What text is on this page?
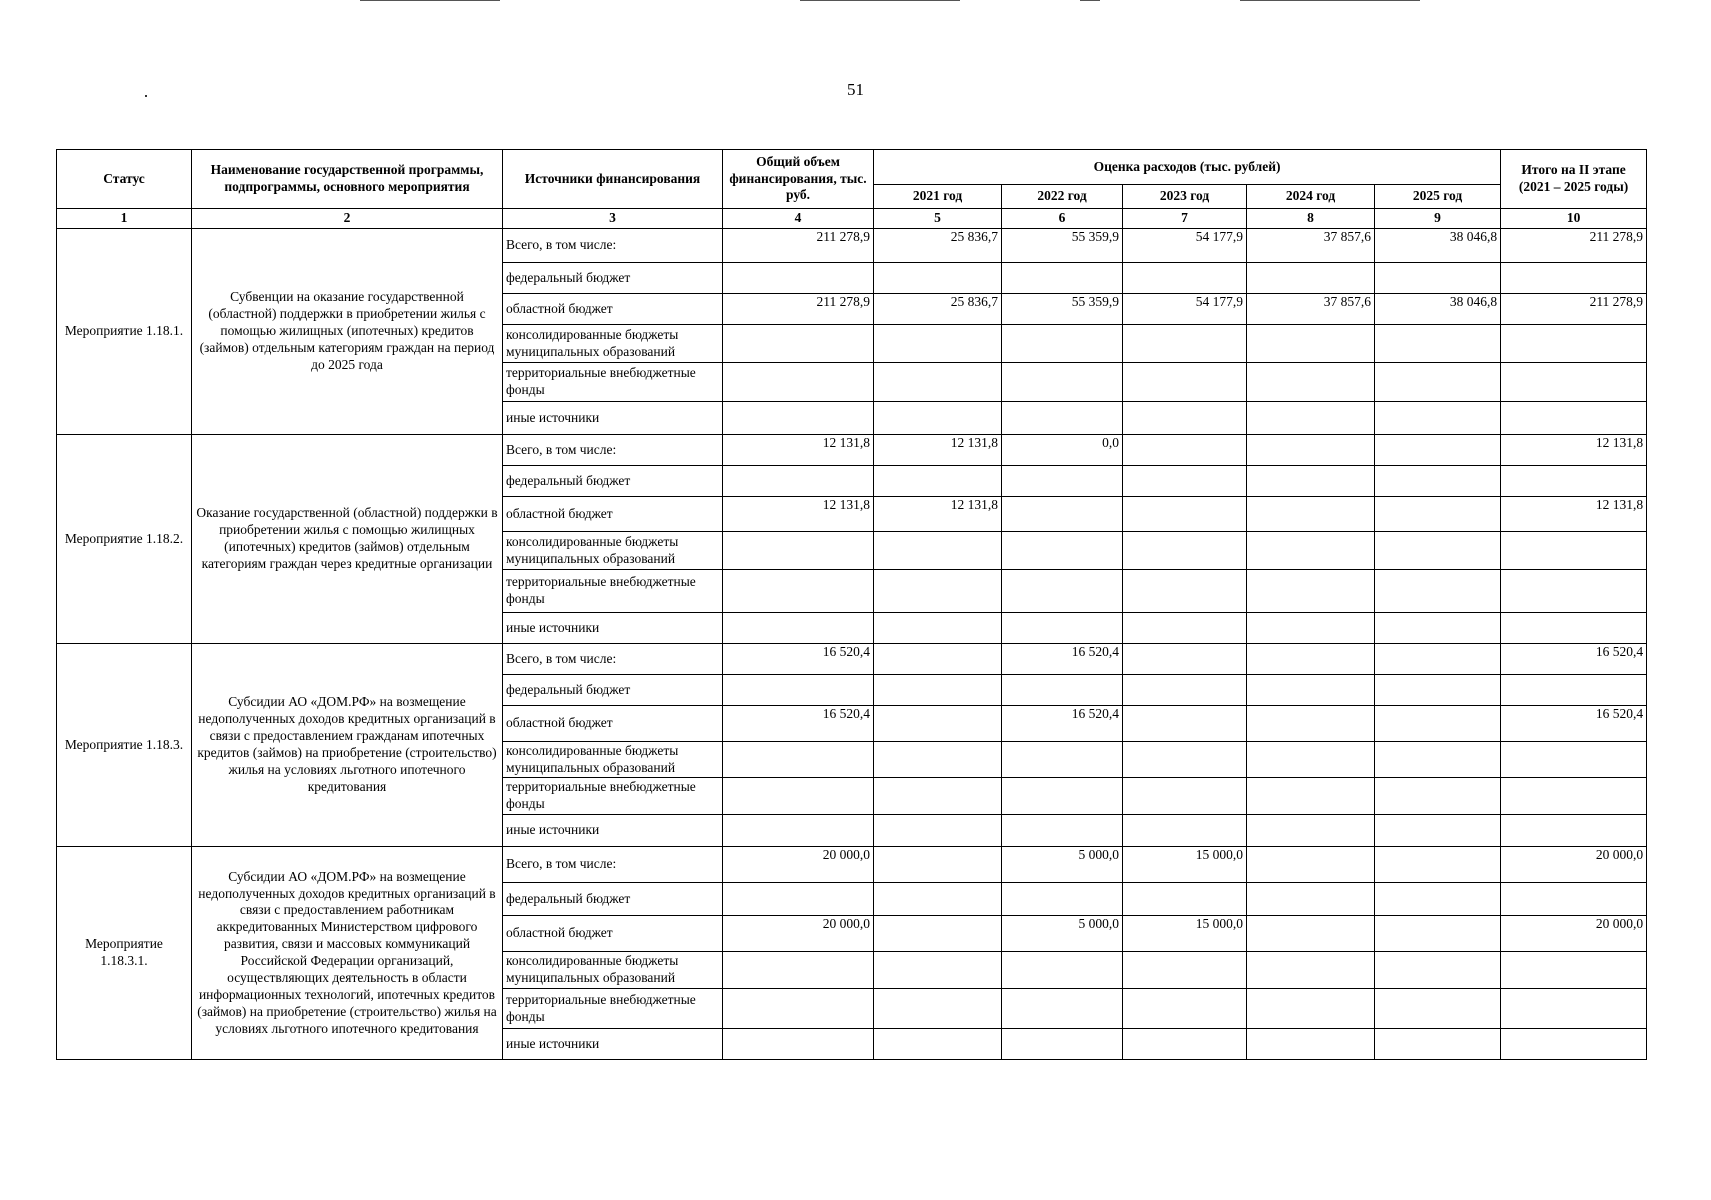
51
Статус	Наименование государственной программы, подпрограммы, основного мероприятия	Источники финансирования	Общий объем финансирования, тыс. руб.	Оценка расходов (тыс. рублей)					Итого на II этапе (2021 – 2025 годы)
				2021 год	2022 год	2023 год	2024 год	2025 год	
1	2	3	4	5	6	7	8	9	10
Мероприятие 1.18.1.	Субвенции на оказание государственной (областной) поддержки в приобретении жилья с помощью жилищных (ипотечных) кредитов (займов) отдельным категориям граждан на период до 2025 года	Всего, в том числе:	211 278,9	25 836,7	55 359,9	54 177,9	37 857,6	38 046,8	211 278,9
		федеральный бюджет							
		областной бюджет	211 278,9	25 836,7	55 359,9	54 177,9	37 857,6	38 046,8	211 278,9
		консолидированные бюджеты муниципальных образований							
		территориальные внебюджетные фонды							
		иные источники							
Мероприятие 1.18.2.	Оказание государственной (областной) поддержки в приобретении жилья с помощью жилищных (ипотечных) кредитов (займов) отдельным категориям граждан через кредитные организации	Всего, в том числе:	12 131,8	12 131,8	0,0				12 131,8
		федеральный бюджет							
		областной бюджет	12 131,8	12 131,8					12 131,8
		консолидированные бюджеты муниципальных образований							
		территориальные внебюджетные фонды							
		иные источники							
Мероприятие 1.18.3.	Субсидии АО «ДОМ.РФ» на возмещение недополученных доходов кредитных организаций в связи с предоставлением гражданам ипотечных кредитов (займов) на приобретение (строительство) жилья на условиях льготного ипотечного кредитования	Всего, в том числе:	16 520,4		16 520,4				16 520,4
		федеральный бюджет							
		областной бюджет	16 520,4		16 520,4				16 520,4
		консолидированные бюджеты муниципальных образований							
		территориальные внебюджетные фонды							
		иные источники							
Мероприятие 1.18.3.1.	Субсидии АО «ДОМ.РФ» на возмещение недополученных доходов кредитных организаций в связи с предоставлением работникам аккредитованных Министерством цифрового развития, связи и массовых коммуникаций Российской Федерации организаций, осуществляющих деятельность в области информационных технологий, ипотечных кредитов (займов) на приобретение (строительство) жилья на условиях льготного ипотечного кредитования	Всего, в том числе:	20 000,0		5 000,0	15 000,0			20 000,0
		федеральный бюджет							
		областной бюджет	20 000,0		5 000,0	15 000,0			20 000,0
		консолидированные бюджеты муниципальных образований							
		территориальные внебюджетные фонды							
		иные источники							
